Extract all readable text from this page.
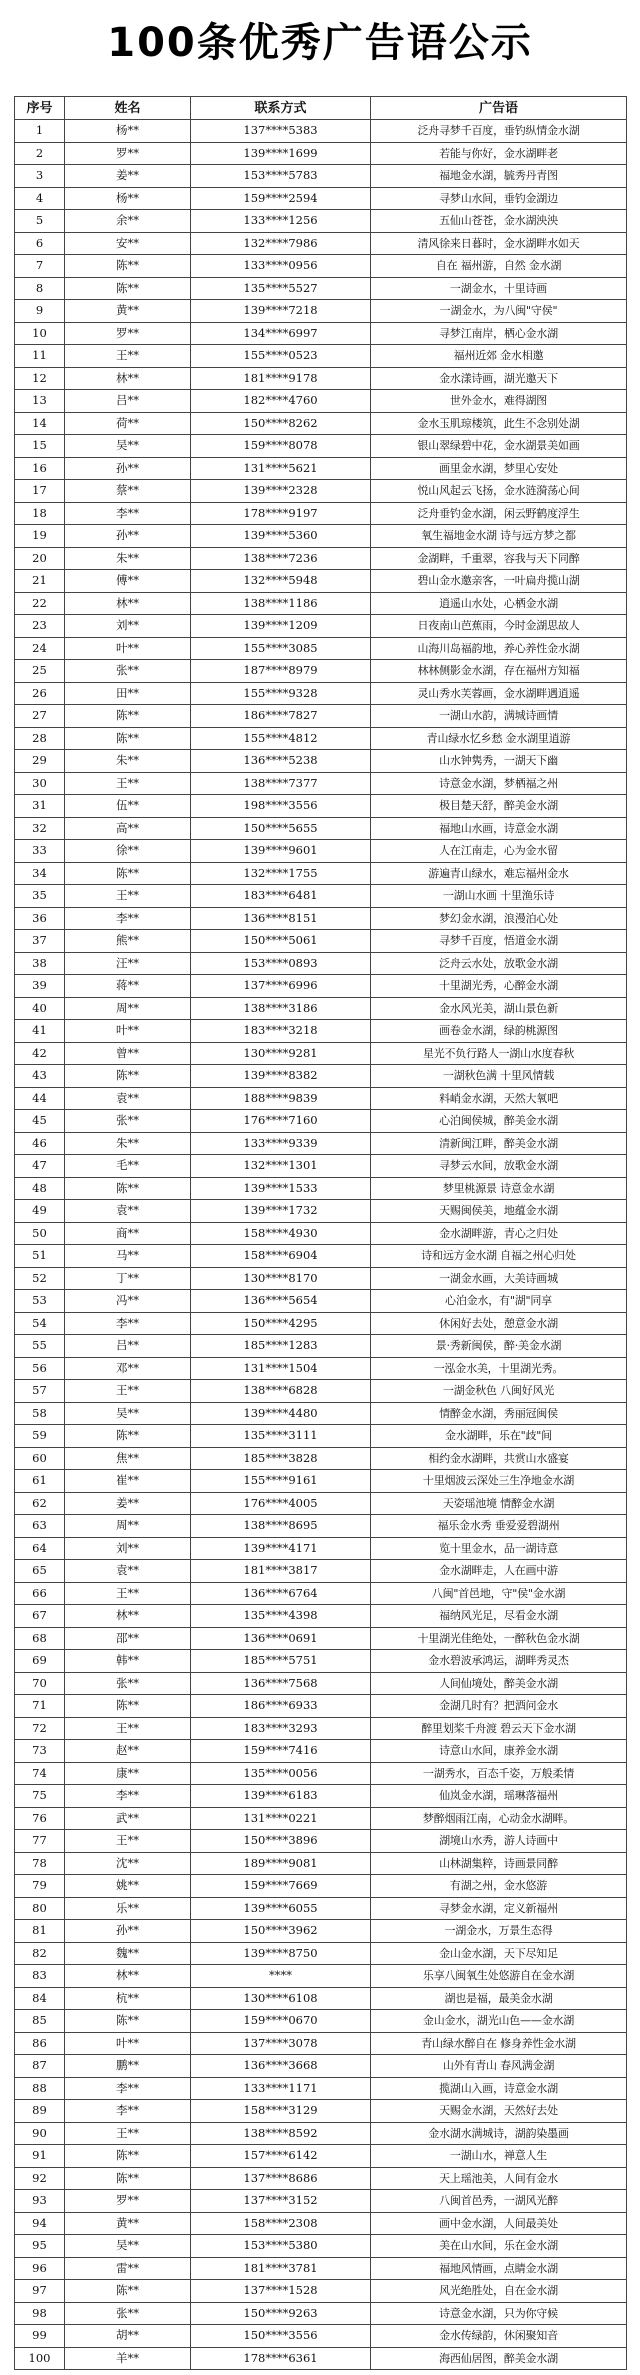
100条优秀广告语公示
序号	姓名	联系方式	广告语
1	杨**	137****5383	泛舟寻梦千百度，垂钓纵情金水湖
2	罗**	139****1699	若能与你好，金水湖畔老
3	姜**	153****5783	福地金水湖，毓秀丹青图
4	杨**	159****2594	寻梦山水间，垂钓金湖边
5	余**	133****1256	五仙山苍苍，金水湖泱泱
6	安**	132****7986	清风徐来日暮时，金水湖畔水如天
7	陈**	133****0956	自在 福州游，自然 金水湖
8	陈**	135****5527	一湖金水，十里诗画
9	黄**	139****7218	一湖金水，为八闽"守侯"
10	罗**	134****6997	寻梦江南岸，栖心金水湖
11	王**	155****0523	福州近郊 金水相邀
12	林**	181****9178	金水漾诗画，湖光邀天下
13	吕**	182****4760	世外金水，难得湖图
14	荷**	150****8262	金水玉肌琼楼筑，此生不念别处湖
15	吴**	159****8078	银山翠绿碧中花，金水湖景美如画
16	孙**	131****5621	画里金水湖，梦里心安处
17	蔡**	139****2328	悦山风起云飞扬，金水涟漪荡心间
18	李**	178****9197	泛舟垂钓金水湖，闲云野鹤度浮生
19	孙**	139****5360	氧生福地金水湖 诗与远方梦之都
20	朱**	138****7236	金湖畔，千重翠，容我与天下同醉
21	傅**	132****5948	碧山金水邀亲客，一叶扁舟揽山湖
22	林**	138****1186	逍遥山水处，心栖金水湖
23	刘**	139****1209	日夜南山芭蕉雨，今时金湖思故人
24	叶**	155****3085	山海川岛福韵地，养心养性金水湖
25	张**	187****8979	林林侧影金水湖，存在福州方知福
26	田**	155****9328	灵山秀水芙蓉画，金水湖畔遇逍遥
27	陈**	186****7827	一湖山水韵，满城诗画情
28	陈**	155****4812	青山绿水忆乡愁 金水湖里逍游
29	朱**	136****5238	山水钟隽秀，一湖天下幽
30	王**	138****7377	诗意金水湖，梦栖福之州
31	伍**	198****3556	极目楚天舒，醉美金水湖
32	高**	150****5655	福地山水画，诗意金水湖
33	徐**	139****9601	人在江南走，心为金水留
34	陈**	132****1755	游遍青山绿水，难忘福州金水
35	王**	183****6481	一湖山水画 十里渔乐诗
36	李**	136****8151	梦幻金水湖，浪漫泊心处
37	熊**	150****5061	寻梦千百度，悟道金水湖
38	汪**	153****0893	泛舟云水处，放歌金水湖
39	蒋**	137****6996	十里湖光秀，心醉金水湖
40	周**	138****3186	金水风光美，湖山景色新
41	叶**	183****3218	画卷金水湖，绿韵桃源图
42	曾**	130****9281	星光不负行路人一湖山水度春秋
43	陈**	139****8382	一湖秋色满 十里风情载
44	袁**	188****9839	料峭金水湖，天然大氧吧
45	张**	176****7160	心泊闽侯城，醉美金水湖
46	朱**	133****9339	清新闽江畔，醉美金水湖
47	毛**	132****1301	寻梦云水间，放歌金水湖
48	陈**	139****1533	梦里桃源景 诗意金水湖
49	袁**	139****1732	天赐闽侯美，地蕴金水湖
50	商**	158****4930	金水湖畔游，青心之归处
51	马**	158****6904	诗和远方金水湖 自福之州心归处
52	丁**	130****8170	一湖金水画，大美诗画城
53	冯**	136****5654	心泊金水，有"湖"同享
54	李**	150****4295	休闲好去处，憩意金水湖
55	吕**	185****1283	景·秀新闽侯，醉·美金水湖
56	邓**	131****1504	一泓金水美，十里湖光秀。
57	王**	138****6828	一湖金秋色 八闽好风光
58	吴**	139****4480	情醉金水湖，秀丽冠闽侯
59	陈**	135****3111	金水湖畔，乐在"歧"间
60	焦**	185****3828	相约金水湖畔，共赏山水盛宴
61	崔**	155****9161	十里烟波云深处三生净地金水湖
62	姜**	176****4005	天姿瑶池境 情醉金水湖
63	周**	138****8695	福乐金水秀 垂爱爱碧湖州
64	刘**	139****4171	览十里金水，品一湖诗意
65	袁**	181****3817	金水湖畔走，人在画中游
66	王**	136****6764	八闽"首邑地，守"侯"金水湖
67	林**	135****4398	福纳风光足，尽看金水湖
68	邵**	136****0691	十里湖光佳绝处，一醉秋色金水湖
69	韩**	185****5751	金水碧波承鸿运，湖畔秀灵杰
70	张**	136****7568	人间仙境处，醉美金水湖
71	陈**	186****6933	金湖几时有？把酒问金水
72	王**	183****3293	醉里划桨千舟渡 碧云天下金水湖
73	赵**	159****7416	诗意山水间，康养金水湖
74	康**	135****0056	一湖秀水，百态千姿，万般柔情
75	李**	139****6183	仙岚金水湖，瑶琳落福州
76	武**	131****0221	梦醉烟雨江南，心动金水湖畔。
77	王**	150****3896	湖境山水秀，游人诗画中
78	沈**	189****9081	山林湖集粹，诗画景同醉
79	姚**	159****7669	有湖之州，金水悠游
80	乐**	139****6055	寻梦金水湖，定义新福州
81	孙**	150****3962	一湖金水，万景生态得
82	魏**	139****8750	金山金水湖，天下尽知足
83	林**	****	乐享八闽氧生处悠游自在金水湖
84	杭**	130****6108	湖也是福，最美金水湖
85	陈**	159****0670	金山金水，湖光山色——金水湖
86	叶**	137****3078	青山绿水醉自在 修身养性金水湖
87	鹏**	136****3668	山外有青山 春风满金湖
88	李**	133****1171	揽湖山入画，诗意金水湖
89	李**	158****3129	天赐金水湖，天然好去处
90	王**	138****8592	金水湖水满城诗，湖韵染墨画
91	陈**	157****6142	一湖山水，禅意人生
92	陈**	137****8686	天上瑶池美，人间有金水
93	罗**	137****3152	八闽首邑秀，一湖风光醉
94	黄**	158****2308	画中金水湖，人间最美处
95	吴**	153****5380	美在山水间，乐在金水湖
96	雷**	181****3781	福地风情画，点睛金水湖
97	陈**	137****1528	风光绝胜处，自在金水湖
98	张**	150****9263	诗意金水湖，只为你守候
99	胡**	150****3556	金水传绿韵，休闲聚知音
100	羊**	178****6361	海西仙居图，醉美金水湖
